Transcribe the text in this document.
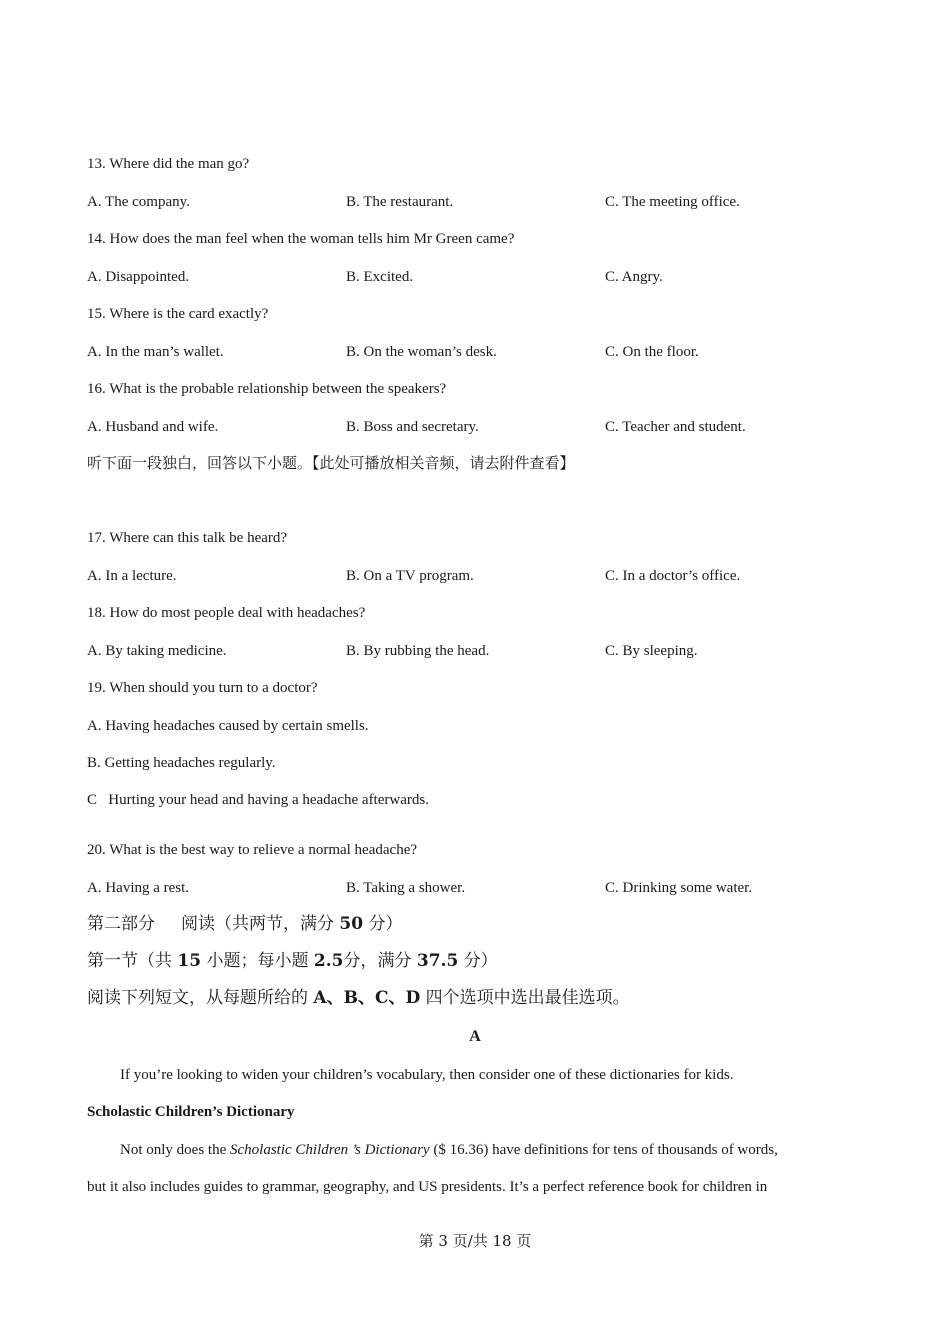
13. Where did the man go?
A. The company.	B. The restaurant.	C. The meeting office.
14. How does the man feel when the woman tells him Mr Green came?
A. Disappointed.	B. Excited.	C. Angry.
15. Where is the card exactly?
A. In the man’s wallet.	B. On the woman’s desk.	C. On the floor.
16. What is the probable relationship between the speakers?
A. Husband and wife.	B. Boss and secretary.	C. Teacher and student.
听下面一段独白，回答以下小题。【此处可播放相关音频，请去附件查看】
17. Where can this talk be heard?
A. In a lecture.	B. On a TV program.	C. In a doctor’s office.
18. How do most people deal with headaches?
A. By taking medicine.	B. By rubbing the head.	C. By sleeping.
19. When should you turn to a doctor?
A. Having headaches caused by certain smells.
B. Getting headaches regularly.
C   Hurting your head and having a headache afterwards.
20. What is the best way to relieve a normal headache?
A. Having a rest.	B. Taking a shower.	C. Drinking some water.
第二部分 阅读（共两节，满分 50 分）
第一节（共 15 小题；每小题 2.5分，满分 37.5 分）
阅读下列短文，从每题所给的 A、B、C、D 四个选项中选出最佳选项。
A
If you’re looking to widen your children’s vocabulary, then consider one of these dictionaries for kids.
Scholastic Children’s Dictionary
Not only does the Scholastic Children ’s Dictionary ($ 16.36) have definitions for tens of thousands of words,
but it also includes guides to grammar, geography, and US presidents. It’s a perfect reference book for children in
第 3 页/共 18 页
